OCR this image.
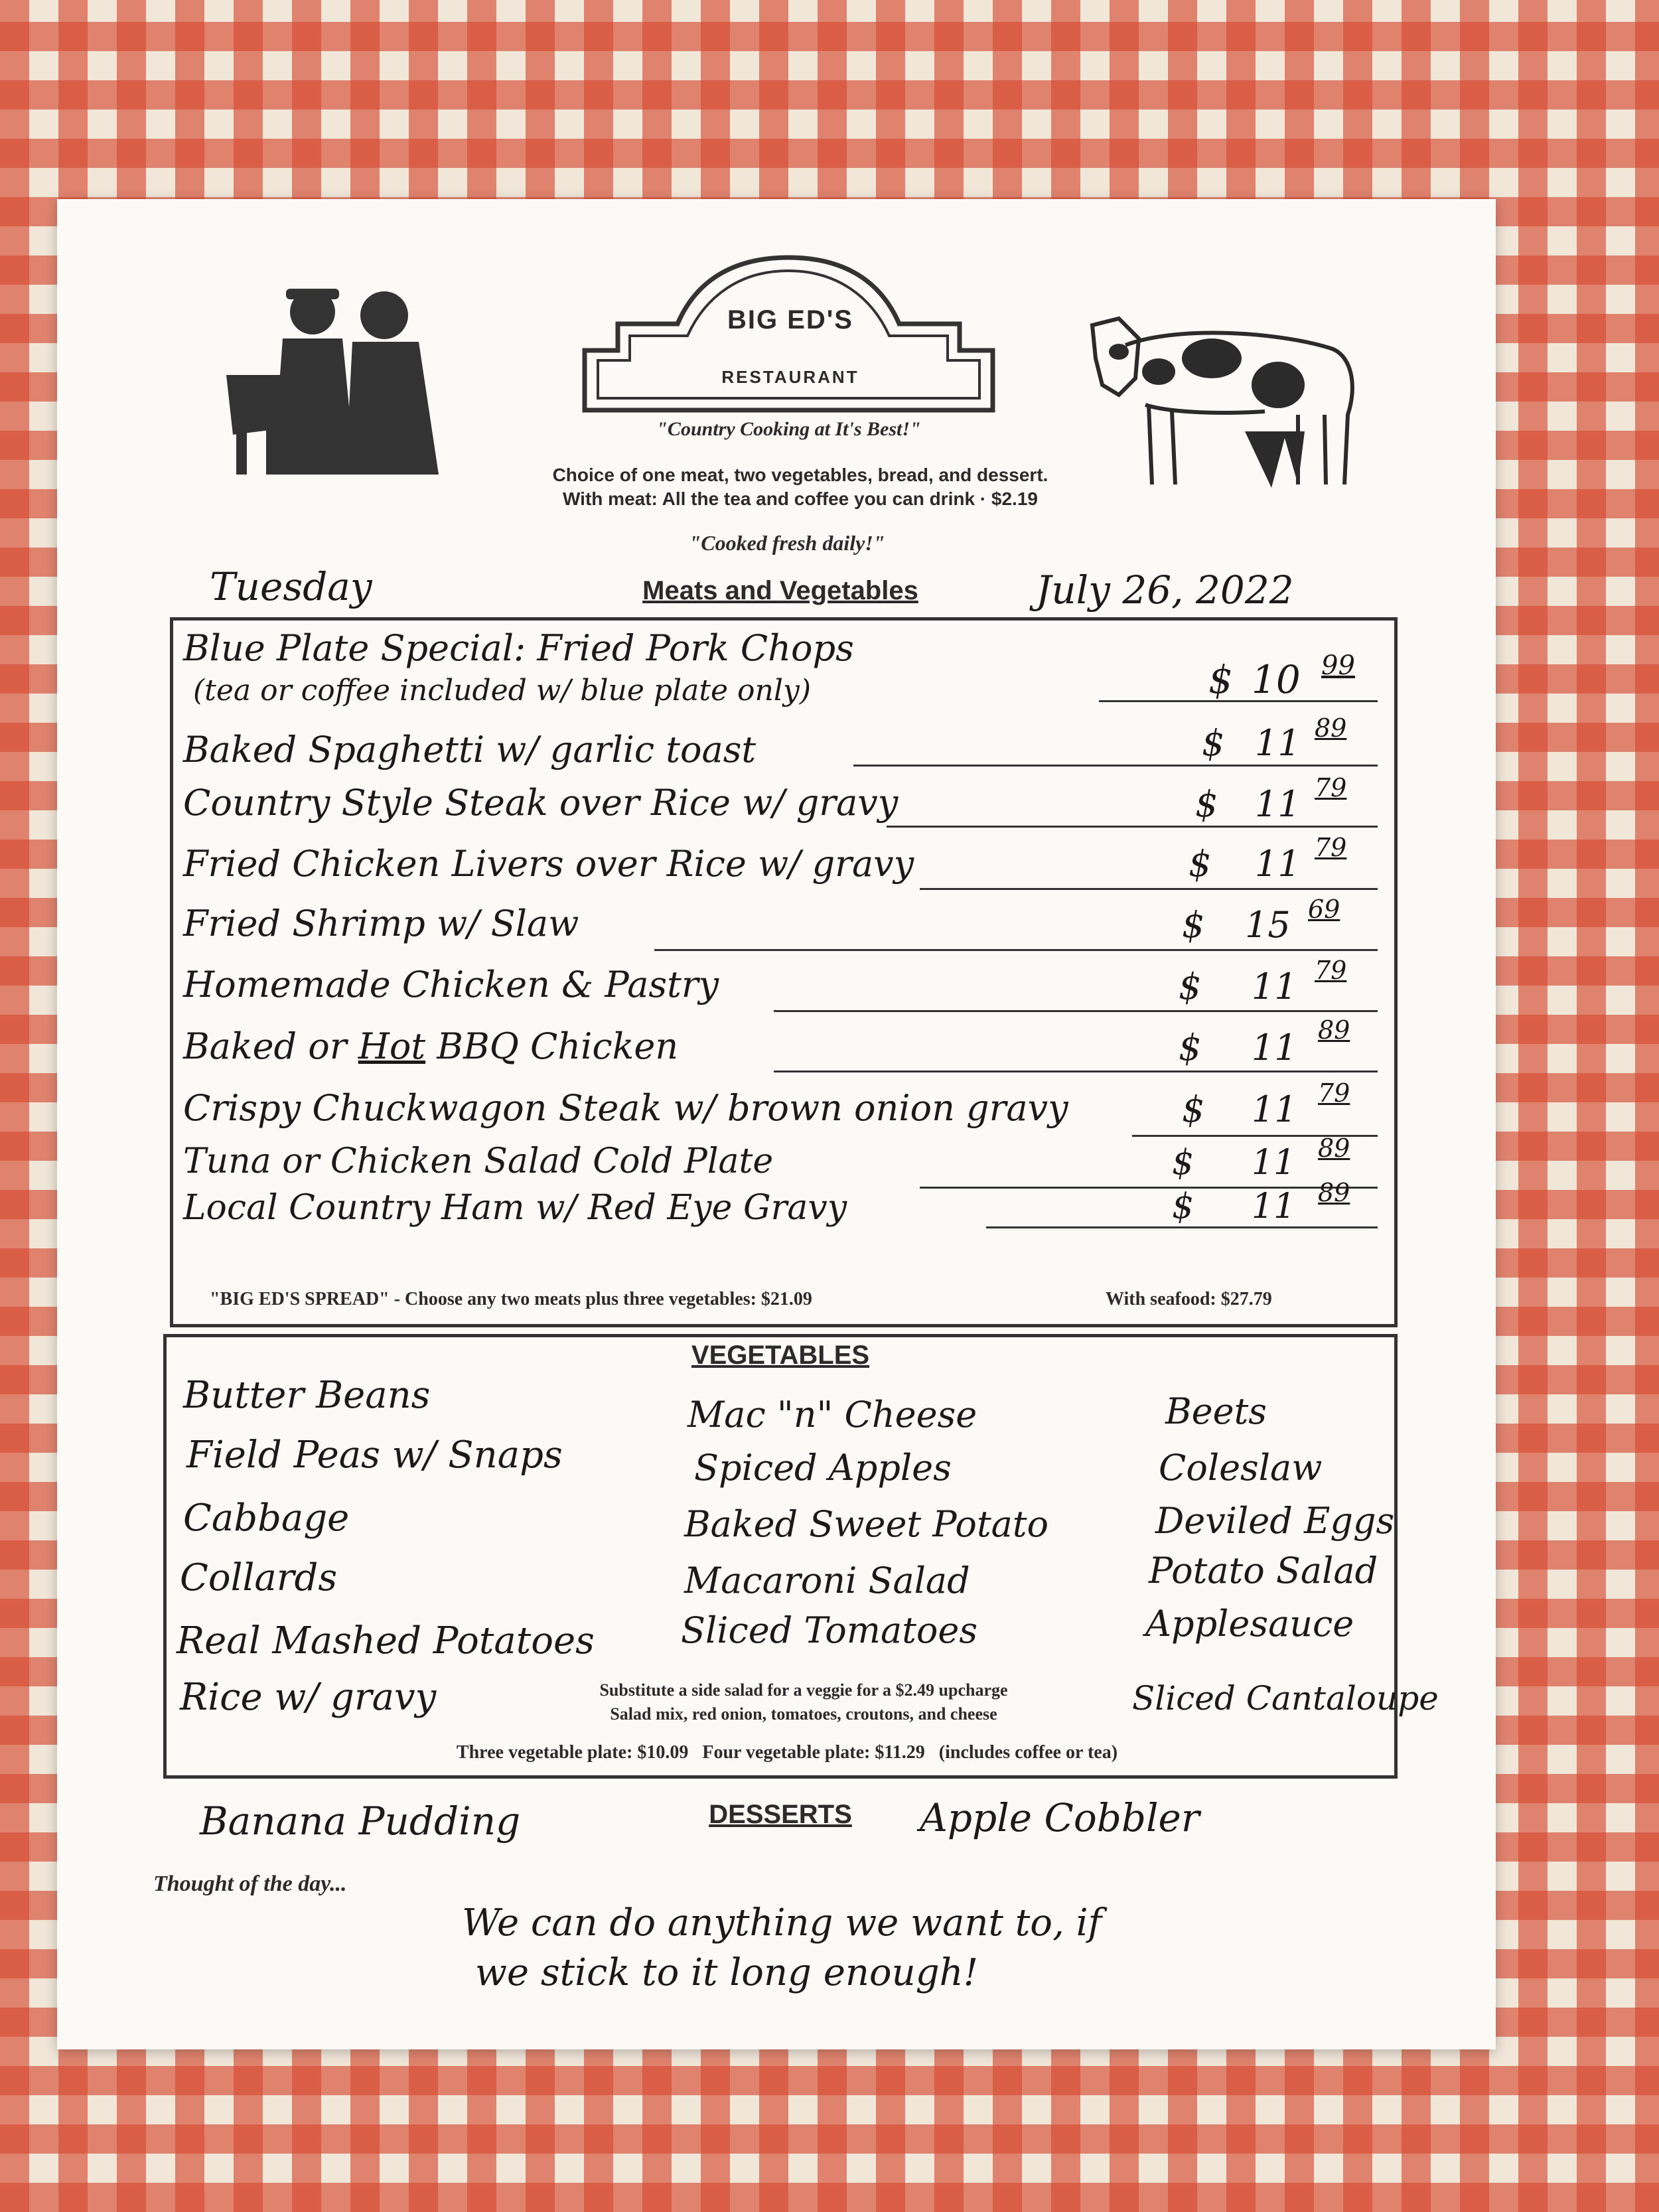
BIG ED'S
RESTAURANT
"Country Cooking at It's Best!"
Choice of one meat, two vegetables, bread, and dessert.
With meat: All the tea and coffee you can drink · $2.19
"Cooked fresh daily!"
Tuesday	Meats and Vegetables	July 26, 2022
Blue Plate Special: Fried Pork Chops
(tea or coffee included w/ blue plate only)	$ 10 99
Baked Spaghetti w/ garlic toast	$ 11 89
Country Style Steak over Rice w/ gravy	$ 11 79
Fried Chicken Livers over Rice w/ gravy	$ 11 79
Fried Shrimp w/ Slaw	$ 15 69
Homemade Chicken & Pastry	$ 11 79
Baked or Hot BBQ Chicken	$ 11 89
Crispy Chuckwagon Steak w/ brown onion gravy	$ 11 79
Tuna or Chicken Salad Cold Plate	$ 11 89
Local Country Ham w/ Red Eye Gravy	$ 11 89
"BIG ED'S SPREAD" - Choose any two meats plus three vegetables: $21.09	With seafood: $27.79
VEGETABLES
Butter Beans
Field Peas w/ Snaps
Cabbage
Collards
Real Mashed Potatoes
Rice w/ gravy
Mac "n" Cheese
Spiced Apples
Baked Sweet Potato
Macaroni Salad
Sliced Tomatoes
Beets
Coleslaw
Deviled Eggs
Potato Salad
Applesauce
Sliced Cantaloupe
Substitute a side salad for a veggie for a $2.49 upcharge
Salad mix, red onion, tomatoes, croutons, and cheese
Three vegetable plate: $10.09   Four vegetable plate: $11.29   (includes coffee or tea)
Banana Pudding	DESSERTS	Apple Cobbler
Thought of the day...
We can do anything we want to, if
we stick to it long enough!
